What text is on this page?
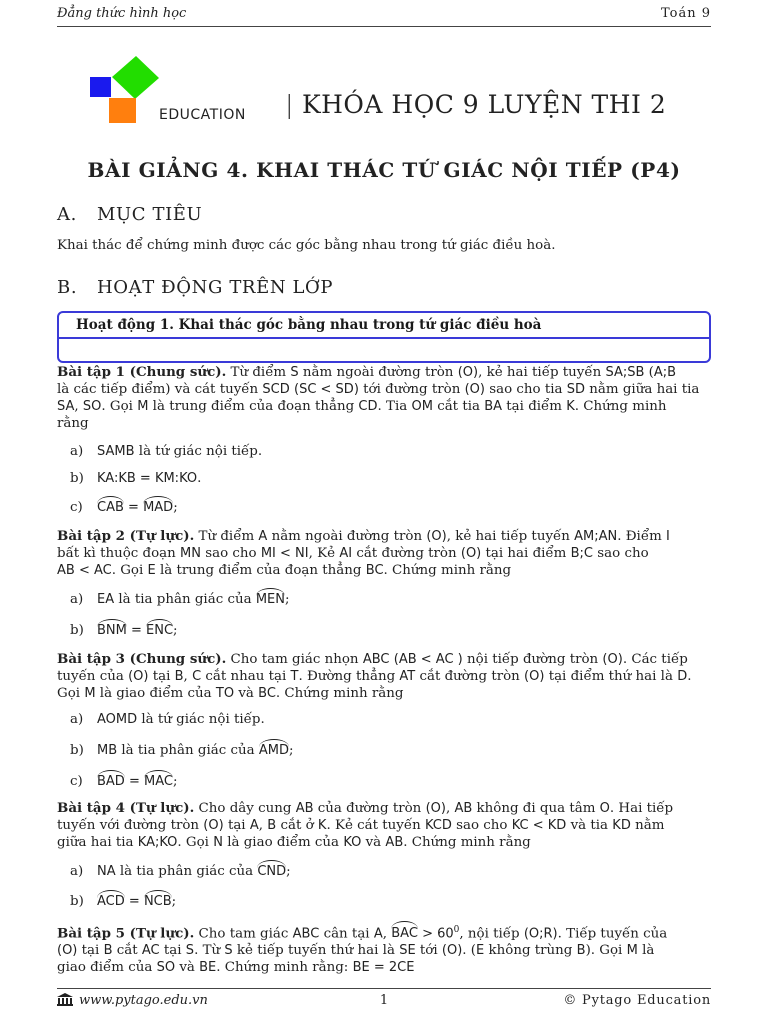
Đẳng thức hình học	Toán 9
EDUCATION | KHÓA HỌC 9 LUYỆN THI 2
BÀI GIẢNG 4. KHAI THÁC TỨ GIÁC NỘI TIẾP (P4)
A. MỤC TIÊU
Khai thác để chứng minh được các góc bằng nhau trong tứ giác điều hoà.
B. HOẠT ĐỘNG TRÊN LỚP
Hoạt động 1. Khai thác góc bằng nhau trong tứ giác điều hoà
Bài tập 1 (Chung sức). Từ điểm S nằm ngoài đường tròn (O), kẻ hai tiếp tuyến SA;SB (A;B
là các tiếp điểm) và cát tuyến SCD (SC < SD) tới đường tròn (O) sao cho tia SD nằm giữa hai tia
SA, SO. Gọi M là trung điểm của đoạn thẳng CD. Tia OM cắt tia BA tại điểm K. Chứng minh
rằng
a) SAMB là tứ giác nội tiếp.
b) KA:KB = KM:KO.
c) CAB = MAD;
Bài tập 2 (Tự lực). Từ điểm A nằm ngoài đường tròn (O), kẻ hai tiếp tuyến AM;AN. Điểm I
bất kì thuộc đoạn MN sao cho MI < NI, Kẻ AI cắt đường tròn (O) tại hai điểm B;C sao cho
AB < AC. Gọi E là trung điểm của đoạn thẳng BC. Chứng minh rằng
a) EA là tia phân giác của MEN;
b) BNM = ENC;
Bài tập 3 (Chung sức). Cho tam giác nhọn ABC (AB < AC ) nội tiếp đường tròn (O). Các tiếp
tuyến của (O) tại B, C cắt nhau tại T. Đường thẳng AT cắt đường tròn (O) tại điểm thứ hai là D.
Gọi M là giao điểm của TO và BC. Chứng minh rằng
a) AOMD là tứ giác nội tiếp.
b) MB là tia phân giác của AMD;
c) BAD = MAC;
Bài tập 4 (Tự lực). Cho dây cung AB của đường tròn (O), AB không đi qua tâm O. Hai tiếp
tuyến với đường tròn (O) tại A, B cắt ở K. Kẻ cát tuyến KCD sao cho KC < KD và tia KD nằm
giữa hai tia KA;KO. Gọi N là giao điểm của KO và AB. Chứng minh rằng
a) NA là tia phân giác của CND;
b) ACD = NCB;
Bài tập 5 (Tự lực). Cho tam giác ABC cân tại A, BAC > $60^0$, nội tiếp (O;R). Tiếp tuyến của
(O) tại B cắt AC tại S. Từ S kẻ tiếp tuyến thứ hai là SE tới (O). (E không trùng B). Gọi M là
giao điểm của SO và BE. Chứng minh rằng: BE = 2CE
www.pytago.edu.vn	1	© Pytago Education
